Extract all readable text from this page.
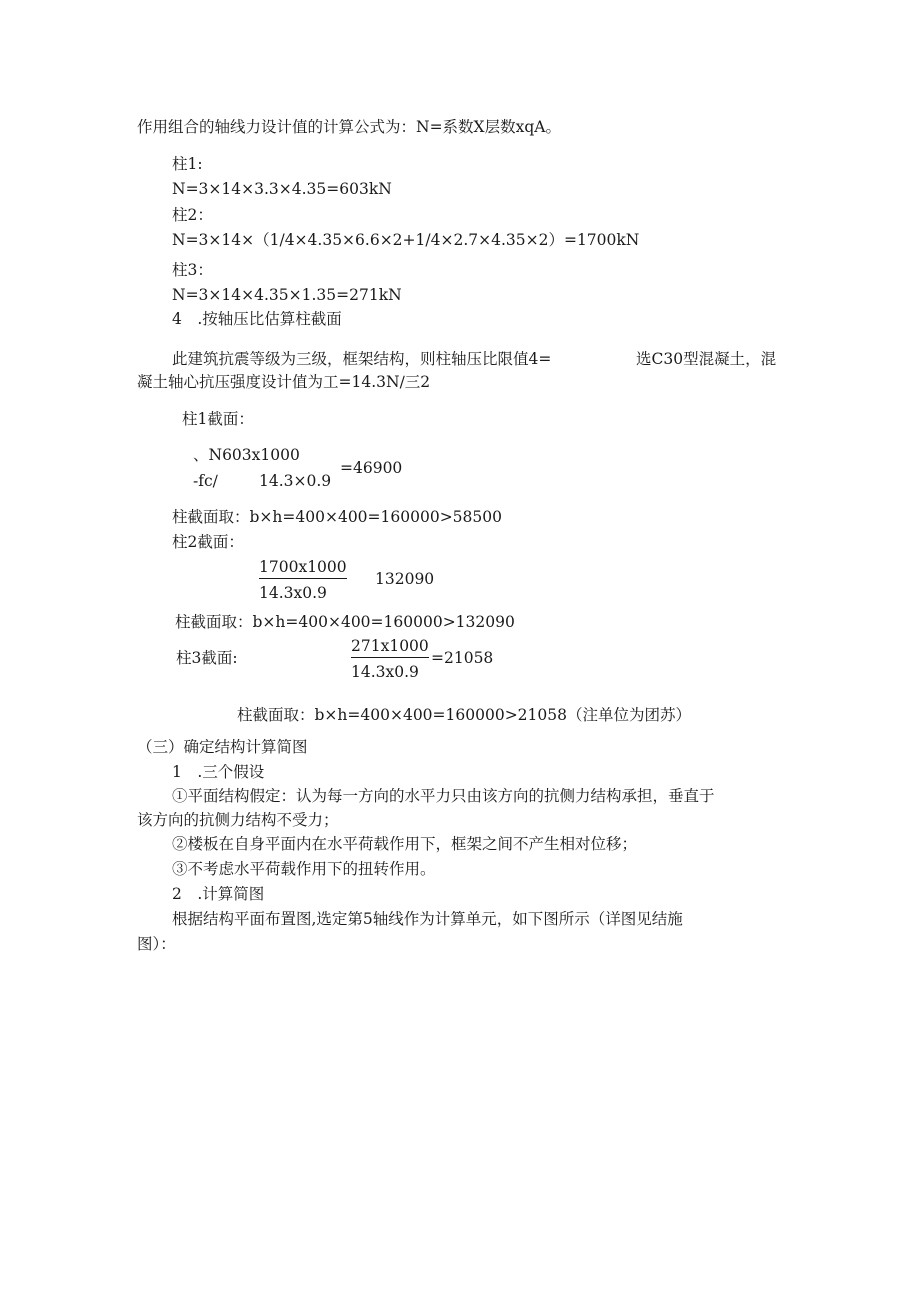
作用组合的轴线力设计值的计算公式为：N=系数X层数xqA。
柱1:
N=3×14×3.3×4.35=603kN
柱2：
N=3×14×（1/4×4.35×6.6×2+1/4×2.7×4.35×2）=1700kN
柱3：
N=3×14×4.35×1.35=271kN
4　.按轴压比估算柱截面
此建筑抗震等级为三级，框架结构，则柱轴压比限值4=	选C30型混凝土，混
凝土轴心抗压强度设计值为工=14.3N∕三2
柱1截面：
、N603x1000
-fc∕	14.3×0.9
=46900
柱截面取：b×h=400×400=160000>58500
柱2截面：
1700x1000
14.3x0.9
132090
柱截面取：b×h=400×400=160000>132090
柱3截面:
271x1000
14.3x0.9
=21058
柱截面取：b×h=400×400=160000>21058（注单位为团苏）
（三）确定结构计算简图
1　.三个假设
①平面结构假定：认为每一方向的水平力只由该方向的抗侧力结构承担，垂直于
该方向的抗侧力结构不受力；
②楼板在自身平面内在水平荷载作用下，框架之间不产生相对位移；
③不考虑水平荷载作用下的扭转作用。
2　.计算简图
根据结构平面布置图,选定第5轴线作为计算单元，如下图所示（详图见结施
图）：
